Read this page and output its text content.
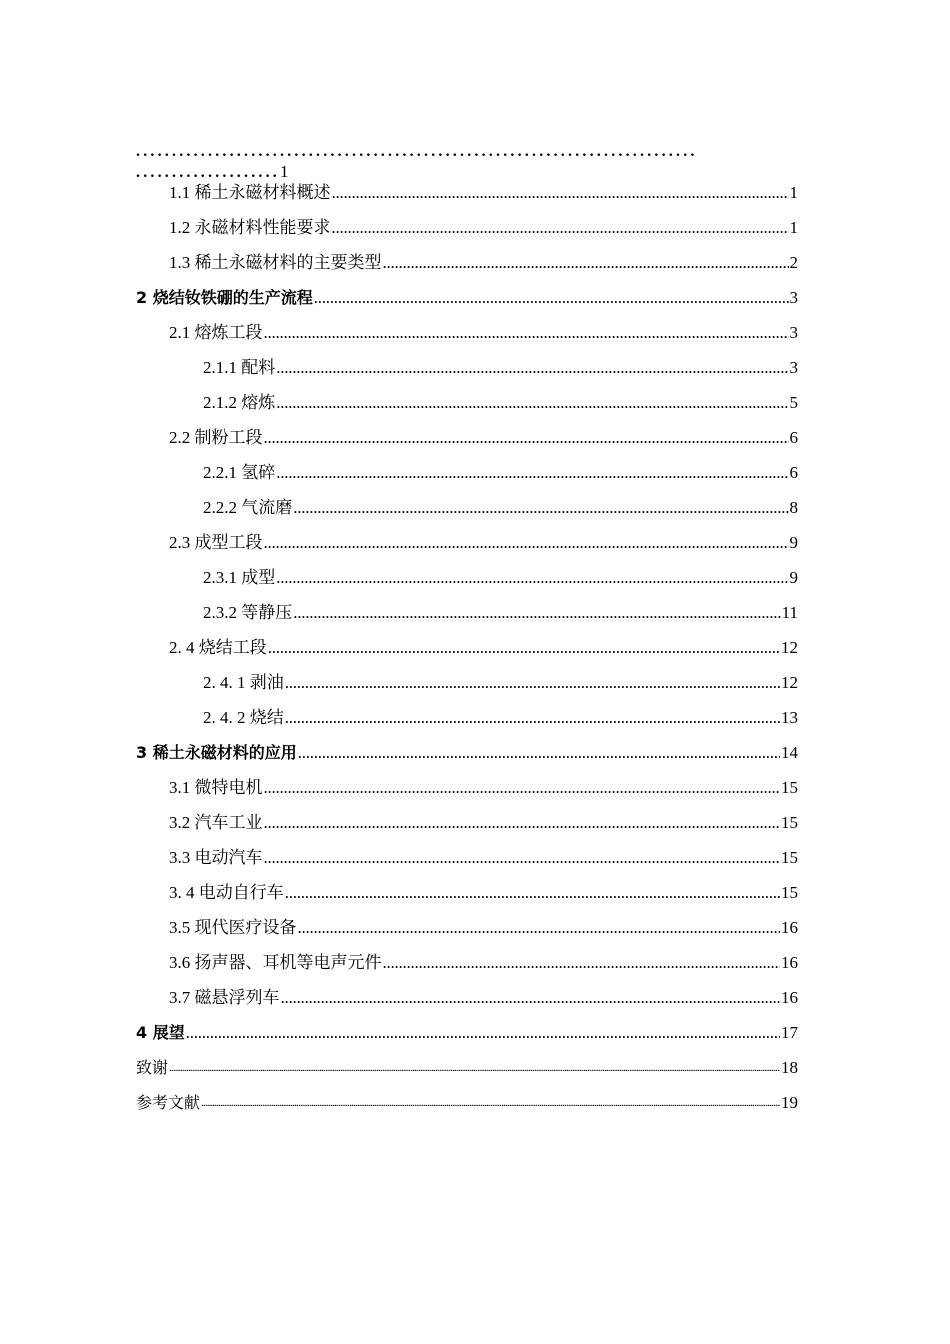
..............................................................................
....................1
1.1 稀土永磁材料概述 . . .	1
1.2 永磁材料性能要求 . . .	1
1.3 稀土永磁材料的主要类型 . . .	2
2 烧结钕铁硼的生产流程 . . .	3
2.1 熔炼工段 . . .	3
2.1.1 配料 . . .	3
2.1.2 熔炼 . . .	5
2.2 制粉工段 . . .	6
2.2.1 氢碎 . . .	6
2.2.2 气流磨 . . .	8
2.3 成型工段 . . .	9
2.3.1 成型 . . .	9
2.3.2 等静压 . . .	11
2. 4 烧结工段 . . .	12
2. 4. 1 剥油 . . .	12
2. 4. 2 烧结 . . .	13
3 稀土永磁材料的应用 . . .	14
3.1 微特电机 . . .	15
3.2 汽车工业 . . .	15
3.3 电动汽车 . . .	15
3. 4 电动自行车 . . .	15
3.5 现代医疗设备 . . .	16
3.6 扬声器、耳机等电声元件 . . .	16
3.7 磁悬浮列车 . . .	16
4 展望 . . .	17
致谢 . . .	18
参考文献 . . .	19
